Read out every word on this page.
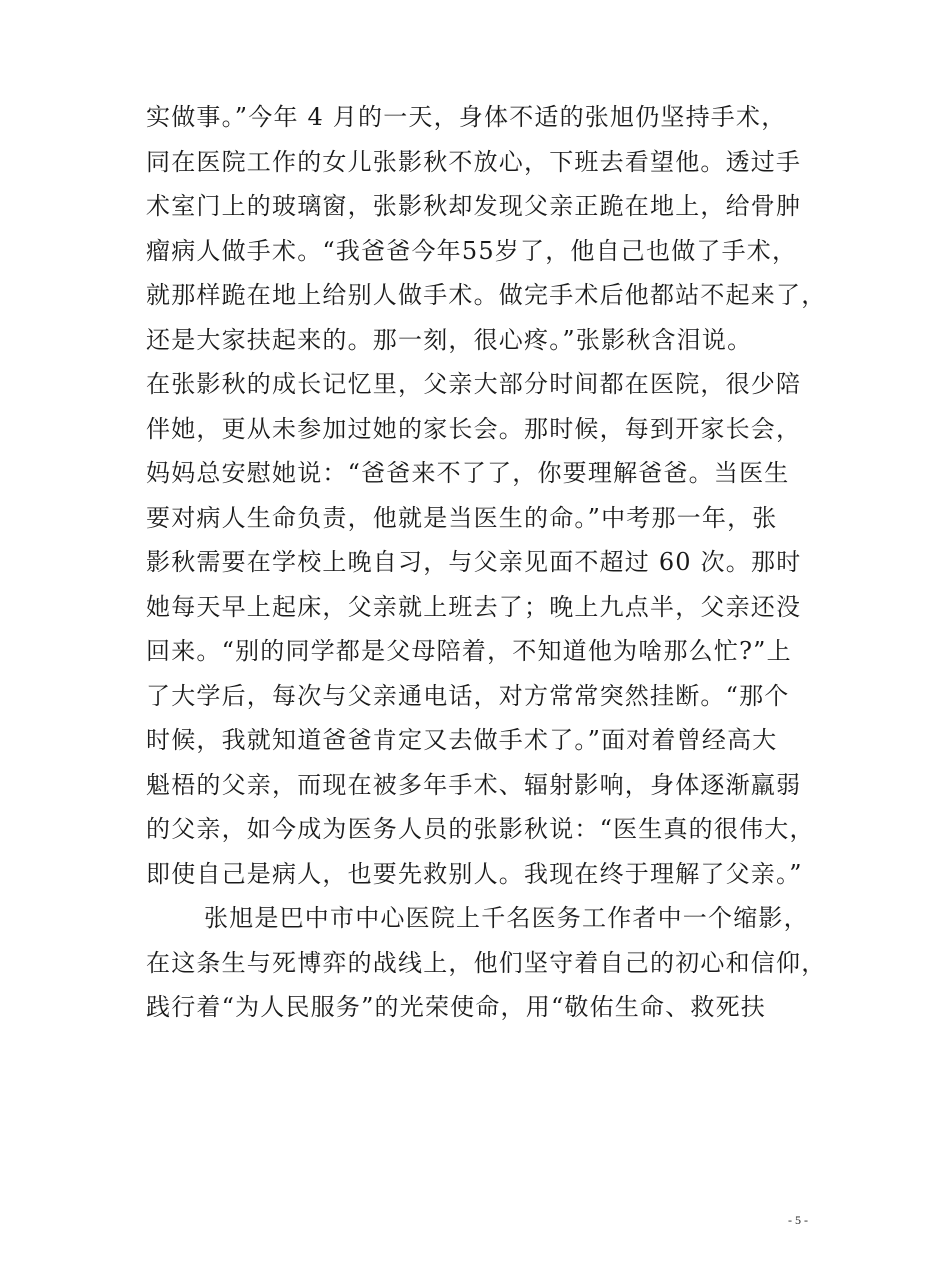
实做事。”今年 4 月的一天，身体不适的张旭仍坚持手术，
同在医院工作的女儿张影秋不放心，下班去看望他。透过手
术室门上的玻璃窗，张影秋却发现父亲正跪在地上，给骨肿
瘤病人做手术。“我爸爸今年55岁了，他自己也做了手术，
就那样跪在地上给别人做手术。做完手术后他都站不起来了，
还是大家扶起来的。那一刻，很心疼。”张影秋含泪说。
在张影秋的成长记忆里，父亲大部分时间都在医院，很少陪
伴她，更从未参加过她的家长会。那时候，每到开家长会，
妈妈总安慰她说：“爸爸来不了了，你要理解爸爸。当医生
要对病人生命负责，他就是当医生的命。”中考那一年，张
影秋需要在学校上晚自习，与父亲见面不超过 60 次。那时
她每天早上起床，父亲就上班去了；晚上九点半，父亲还没
回来。“别的同学都是父母陪着，不知道他为啥那么忙?”上
了大学后，每次与父亲通电话，对方常常突然挂断。“那个
时候，我就知道爸爸肯定又去做手术了。”面对着曾经高大
魁梧的父亲，而现在被多年手术、辐射影响，身体逐渐羸弱
的父亲，如今成为医务人员的张影秋说：“医生真的很伟大，
即使自己是病人，也要先救别人。我现在终于理解了父亲。”
张旭是巴中市中心医院上千名医务工作者中一个缩影，
在这条生与死博弈的战线上，他们坚守着自己的初心和信仰，
践行着“为人民服务”的光荣使命，用“敬佑生命、救死扶
- 5 -
